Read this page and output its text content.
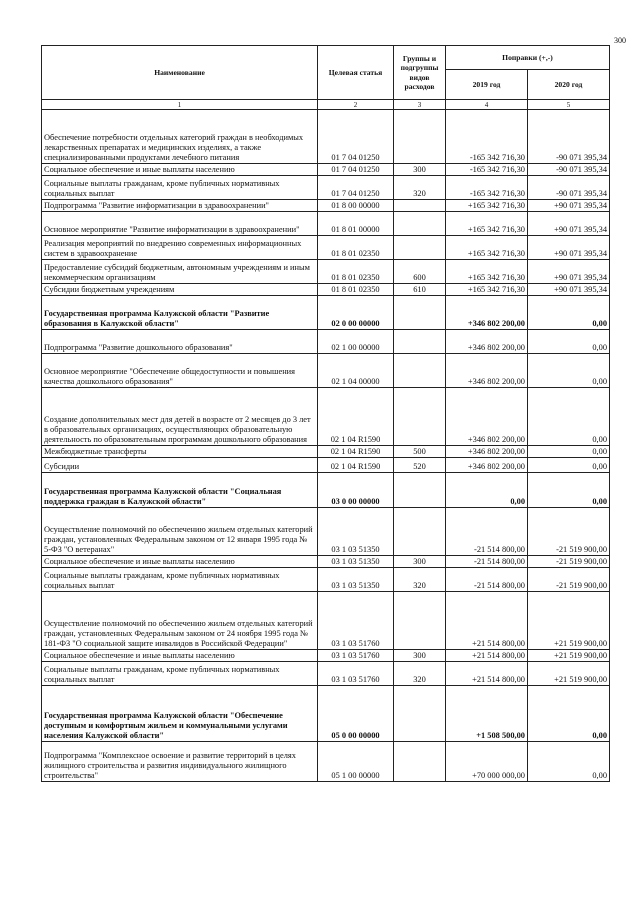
300
Наименование	Целевая статья	Группы и подгруппы видов расходов	Поправки (+,-)	
			2019 год	2020 год
1	2	3	4	5
Обеспечение потребности отдельных категорий граждан в необходимых лекарственных препаратах и медицинских изделиях, а также специализированными продуктами лечебного питания	01 7 04 01250		-165 342 716,30	-90 071 395,34
Социальное обеспечение и иные выплаты населению	01 7 04 01250	300	-165 342 716,30	-90 071 395,34
Социальные выплаты гражданам, кроме публичных нормативных социальных выплат	01 7 04 01250	320	-165 342 716,30	-90 071 395,34
Подпрограмма "Развитие информатизации в здравоохранении"	01 8 00 00000		+165 342 716,30	+90 071 395,34
Основное мероприятие "Развитие информатизации в здравоохранении"	01 8 01 00000		+165 342 716,30	+90 071 395,34
Реализация мероприятий по внедрению современных информационных систем в здравоохранение	01 8 01 02350		+165 342 716,30	+90 071 395,34
Предоставление субсидий бюджетным, автономным учреждениям и иным некоммерческим организациям	01 8 01 02350	600	+165 342 716,30	+90 071 395,34
Субсидии бюджетным учреждениям	01 8 01 02350	610	+165 342 716,30	+90 071 395,34
Государственная программа Калужской области "Развитие образования в Калужской области"	02 0 00 00000		+346 802 200,00	0,00
Подпрограмма "Развитие дошкольного образования"	02 1 00 00000		+346 802 200,00	0,00
Основное мероприятие "Обеспечение общедоступности и повышения качества дошкольного образования"	02 1 04 00000		+346 802 200,00	0,00
Создание дополнительных мест для детей в возрасте от 2 месяцев до 3 лет в образовательных организациях, осуществляющих образовательную деятельность по образовательным программам дошкольного образования	02 1 04 R1590		+346 802 200,00	0,00
Межбюджетные трансферты	02 1 04 R1590	500	+346 802 200,00	0,00
Субсидии	02 1 04 R1590	520	+346 802 200,00	0,00
Государственная программа Калужской области "Социальная поддержка граждан в Калужской области"	03 0 00 00000		0,00	0,00
Осуществление полномочий по обеспечению жильем отдельных категорий граждан, установленных Федеральным законом от 12 января 1995 года № 5-ФЗ "О ветеранах"	03 1 03 51350		-21 514 800,00	-21 519 900,00
Социальное обеспечение и иные выплаты населению	03 1 03 51350	300	-21 514 800,00	-21 519 900,00
Социальные выплаты гражданам, кроме публичных нормативных социальных выплат	03 1 03 51350	320	-21 514 800,00	-21 519 900,00
Осуществление полномочий по обеспечению жильем отдельных категорий граждан, установленных Федеральным законом от 24 ноября 1995 года № 181-ФЗ "О социальной защите инвалидов в Российской Федерации"	03 1 03 51760		+21 514 800,00	+21 519 900,00
Социальное обеспечение и иные выплаты населению	03 1 03 51760	300	+21 514 800,00	+21 519 900,00
Социальные выплаты гражданам, кроме публичных нормативных социальных выплат	03 1 03 51760	320	+21 514 800,00	+21 519 900,00
Государственная программа Калужской области "Обеспечение доступным и комфортным жильем и коммунальными услугами населения Калужской области"	05 0 00 00000		+1 508 500,00	0,00
Подпрограмма "Комплексное освоение и развитие территорий в целях жилищного строительства и развития индивидуального жилищного строительства"	05 1 00 00000		+70 000 000,00	0,00
